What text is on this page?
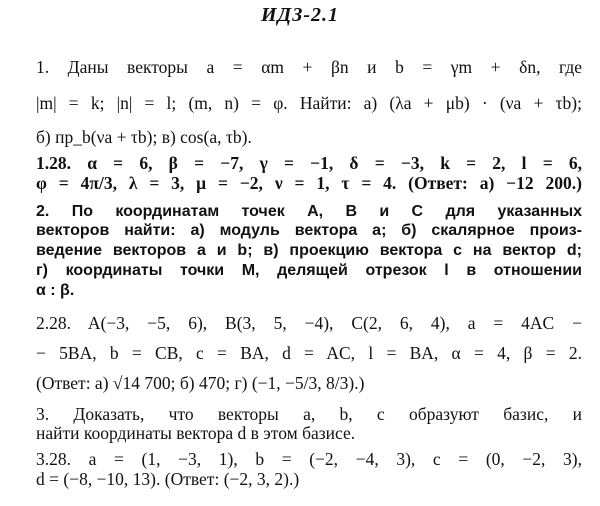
ИДЗ-2.1
1. Даны векторы a = αm + βn и b = γm + δn, где
|m| = k; |n| = l; (m, n) = φ. Найти: а) (λa + μb) · (νa + τb);
б) пр_b(νa + τb); в) cos(a, τb).
1.28. α = 6, β = −7, γ = −1, δ = −3, k = 2, l = 6,
φ = 4π/3, λ = 3, μ = −2, ν = 1, τ = 4. (Ответ: а) −12 200.)
2. По координатам точек A, B и C для указанных
векторов найти: а) модуль вектора a; б) скалярное произ-
ведение векторов a и b; в) проекцию вектора c на вектор d;
г) координаты точки M, делящей отрезок l в отношении
α : β.
2.28. A(−3, −5, 6), B(3, 5, −4), C(2, 6, 4), a = 4AC −
− 5BA, b = CB, c = BA, d = AC, l = BA, α = 4, β = 2.
(Ответ: а) √14 700; б) 470; г) (−1, −5/3, 8/3).)
3. Доказать, что векторы a, b, c образуют базис, и
найти координаты вектора d в этом базисе.
3.28. a = (1, −3, 1), b = (−2, −4, 3), c = (0, −2, 3),
d = (−8, −10, 13). (Ответ: (−2, 3, 2).)
